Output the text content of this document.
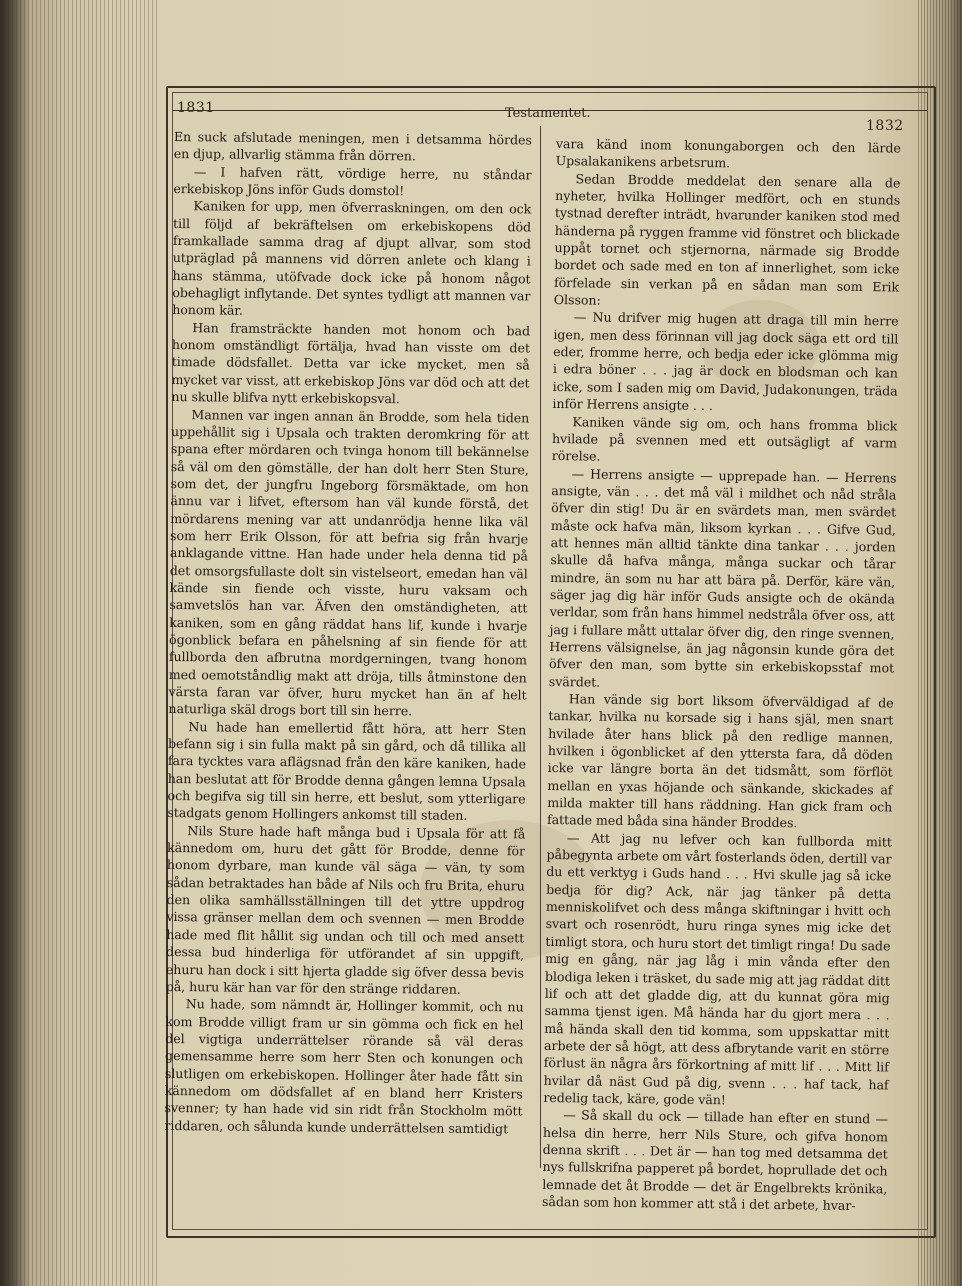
1831	Testamentet.
1832

En suck afslutade meningen, men i detsamma hördes en djup, allvarlig stämma från dörren.

— I hafven rätt, vördige herre, nu ståndar erkebiskop Jöns inför Guds domstol!

Kaniken for upp, men öfverraskningen, om den ock till följd af bekräftelsen om erkebiskopens död framkallade samma drag af djupt allvar, som stod utpräglad på mannens vid dörren anlete och klang i hans stämma, utöfvade dock icke på honom något obehagligt inflytande. Det syntes tydligt att mannen var honom kär.

Han framsträckte handen mot honom och bad honom omständligt förtälja, hvad han visste om det timade dödsfallet. Detta var icke mycket, men så mycket var visst, att erkebiskop Jöns var död och att det nu skulle blifva nytt erkebiskopsval.

Mannen var ingen annan än Brodde, som hela tiden uppehållit sig i Upsala och trakten deromkring för att spana efter mördaren och tvinga honom till bekännelse så väl om den gömställe, der han dolt herr Sten Sture, som det, der jungfru Ingeborg försmäktade, om hon ännu var i lifvet, eftersom han väl kunde förstå, det mördarens mening var att undanrödja henne lika väl som herr Erik Olsson, för att befria sig från hvarje anklagande vittne. Han hade under hela denna tid på det omsorgsfullaste dolt sin vistelseort, emedan han väl kände sin fiende och visste, huru vaksam och samvetslös han var. Äfven den omständigheten, att kaniken, som en gång räddat hans lif, kunde i hvarje ögonblick befara en påhelsning af sin fiende för att fullborda den afbrutna mordgerningen, tvang honom med oemotståndlig makt att dröja, tills åtminstone den värsta faran var öfver, huru mycket han än af helt naturliga skäl drogs bort till sin herre.

Nu hade han emellertid fått höra, att herr Sten befann sig i sin fulla makt på sin gård, och då tillika all fara tycktes vara aflägsnad från den käre kaniken, hade han beslutat att för Brodde denna gången lemna Upsala och begifva sig till sin herre, ett beslut, som ytterligare stadgats genom Hollingers ankomst till staden.

Nils Sture hade haft många bud i Upsala för att få kännedom om, huru det gått för Brodde, denne för honom dyrbare, man kunde väl säga — vän, ty som sådan betraktades han både af Nils och fru Brita, ehuru den olika samhällsställningen till det yttre uppdrog vissa gränser mellan dem och svennen — men Brodde hade med flit hållit sig undan och till och med ansett dessa bud hinderliga för utförandet af sin uppgift, ehuru han dock i sitt hjerta gladde sig öfver dessa bevis på, huru kär han var för den stränge riddaren.

Nu hade, som nämndt är, Hollinger kommit, och nu kom Brodde villigt fram ur sin gömma och fick en hel del vigtiga underrättelser rörande så väl deras gemensamme herre som herr Sten och konungen och slutligen om erkebiskopen. Hollinger åter hade fått sin kännedom om dödsfallet af en bland herr Kristers svenner; ty han hade vid sin ridt från Stockholm mött riddaren, och sålunda kunde underrättelsen samtidigt

vara känd inom konungaborgen och den lärde Upsalakanikens arbetsrum.

Sedan Brodde meddelat den senare alla de nyheter, hvilka Hollinger medfört, och en stunds tystnad derefter inträdt, hvarunder kaniken stod med händerna på ryggen framme vid fönstret och blickade uppåt tornet och stjernorna, närmade sig Brodde bordet och sade med en ton af innerlighet, som icke förfelade sin verkan på en sådan man som Erik Olsson:

— Nu drifver mig hugen att draga till min herre igen, men dess förinnan vill jag dock säga ett ord till eder, fromme herre, och bedja eder icke glömma mig i edra böner . . . jag är dock en blodsman och kan icke, som I saden mig om David, Judakonungen, träda inför Herrens ansigte . . .

Kaniken vände sig om, och hans fromma blick hvilade på svennen med ett outsägligt af varm rörelse.

— Herrens ansigte — upprepade han. — Herrens ansigte, vän . . . det må väl i mildhet och nåd stråla öfver din stig! Du är en svärdets man, men svärdet måste ock hafva män, liksom kyrkan . . . Gifve Gud, att hennes män alltid tänkte dina tankar . . . jorden skulle då hafva många, många suckar och tårar mindre, än som nu har att bära på. Derför, käre vän, säger jag dig här inför Guds ansigte och de okända verldar, som från hans himmel nedstråla öfver oss, att jag i fullare mått uttalar öfver dig, den ringe svennen, Herrens välsignelse, än jag någonsin kunde göra det öfver den man, som bytte sin erkebiskopsstaf mot svärdet.

Han vände sig bort liksom öfverväldigad af de tankar, hvilka nu korsade sig i hans själ, men snart hvilade åter hans blick på den redlige mannen, hvilken i ögonblicket af den yttersta fara, då döden icke var längre borta än det tidsmått, som förflöt mellan en yxas höjande och sänkande, skickades af milda makter till hans räddning. Han gick fram och fattade med båda sina händer Broddes.

— Att jag nu lefver och kan fullborda mitt påbegynta arbete om vårt fosterlands öden, dertill var du ett verktyg i Guds hand . . . Hvi skulle jag så icke bedja för dig? Ack, när jag tänker på detta menniskolifvet och dess många skiftningar i hvitt och svart och rosenrödt, huru ringa synes mig icke det timligt stora, och huru stort det timligt ringa! Du sade mig en gång, när jag låg i min vånda efter den blodiga leken i träsket, du sade mig att jag räddat ditt lif och att det gladde dig, att du kunnat göra mig samma tjenst igen. Må hända har du gjort mera . . . må hända skall den tid komma, som uppskattar mitt arbete der så högt, att dess afbrytande varit en större förlust än några års förkortning af mitt lif . . . Mitt lif hvilar då näst Gud på dig, svenn . . . haf tack, haf redelig tack, käre, gode vän!

— Så skall du ock — tillade han efter en stund — helsa din herre, herr Nils Sture, och gifva honom denna skrift . . . Det är — han tog med detsamma det nys fullskrifna papperet på bordet, hoprullade det och lemnade det åt Brodde — det är Engelbrekts krönika, sådan som hon kommer att stå i det arbete, hvar-
